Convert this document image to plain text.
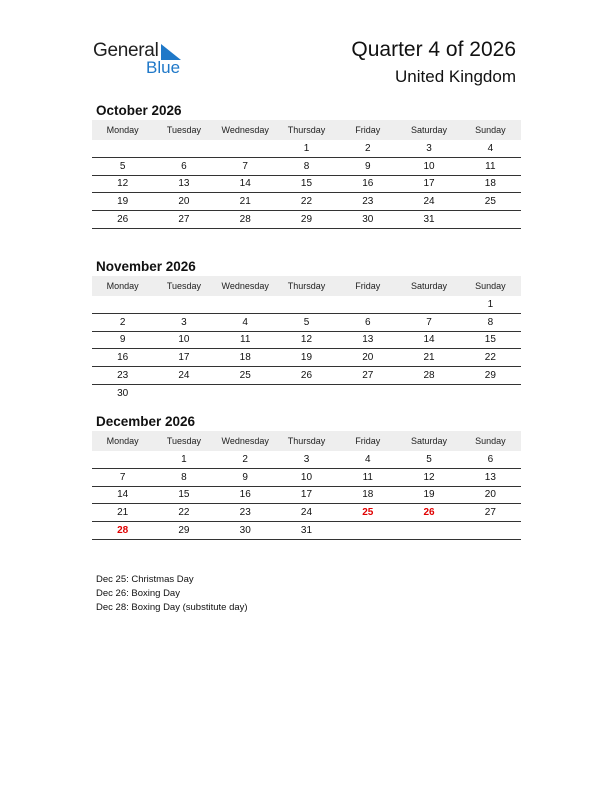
General
Blue
Quarter 4 of 2026
United Kingdom
October 2026
Monday	Tuesday	Wednesday	Thursday	Friday	Saturday	Sunday
			1	2	3	4
5	6	7	8	9	10	11
12	13	14	15	16	17	18
19	20	21	22	23	24	25
26	27	28	29	30	31	
November 2026
Monday	Tuesday	Wednesday	Thursday	Friday	Saturday	Sunday
						1
2	3	4	5	6	7	8
9	10	11	12	13	14	15
16	17	18	19	20	21	22
23	24	25	26	27	28	29
30						
December 2026
Monday	Tuesday	Wednesday	Thursday	Friday	Saturday	Sunday
	1	2	3	4	5	6
7	8	9	10	11	12	13
14	15	16	17	18	19	20
21	22	23	24	25	26	27
28	29	30	31			
Dec 25: Christmas Day
Dec 26: Boxing Day
Dec 28: Boxing Day (substitute day)
